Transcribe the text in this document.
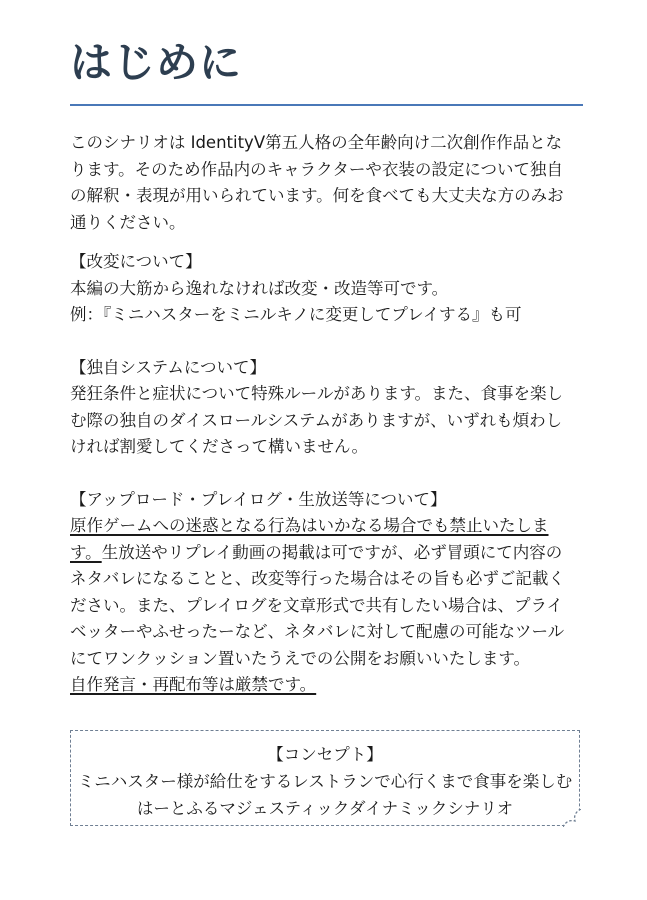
はじめに

このシナリオは IdentityⅤ第五人格の全年齢向け二次創作作品とな

ります。そのため作品内のキャラクターや衣装の設定について独自

の解釈・表現が用いられています。何を食べても大丈夫な方のみお

通りください。

【改変について】

本編の大筋から逸れなければ改変・改造等可です。

例：『ミニハスターをミニルキノに変更してプレイする』も可

【独自システムについて】

発狂条件と症状について特殊ルールがあります。また、食事を楽し

む際の独自のダイスロールシステムがありますが、いずれも煩わし

ければ割愛してくださって構いません。

【アップロード・プレイログ・生放送等について】

原作ゲームへの迷惑となる行為はいかなる場合でも禁止いたしま

す。生放送やリプレイ動画の掲載は可ですが、必ず冒頭にて内容の

ネタバレになることと、改変等行った場合はその旨も必ずご記載く

ださい。また、プレイログを文章形式で共有したい場合は、プライ

ベッターやふせったーなど、ネタバレに対して配慮の可能なツール

にてワンクッション置いたうえでの公開をお願いいたします。

自作発言・再配布等は厳禁です。

【コンセプト】

ミニハスター様が給仕をするレストランで心行くまで食事を楽しむ

はーとふるマジェスティックダイナミックシナリオ
